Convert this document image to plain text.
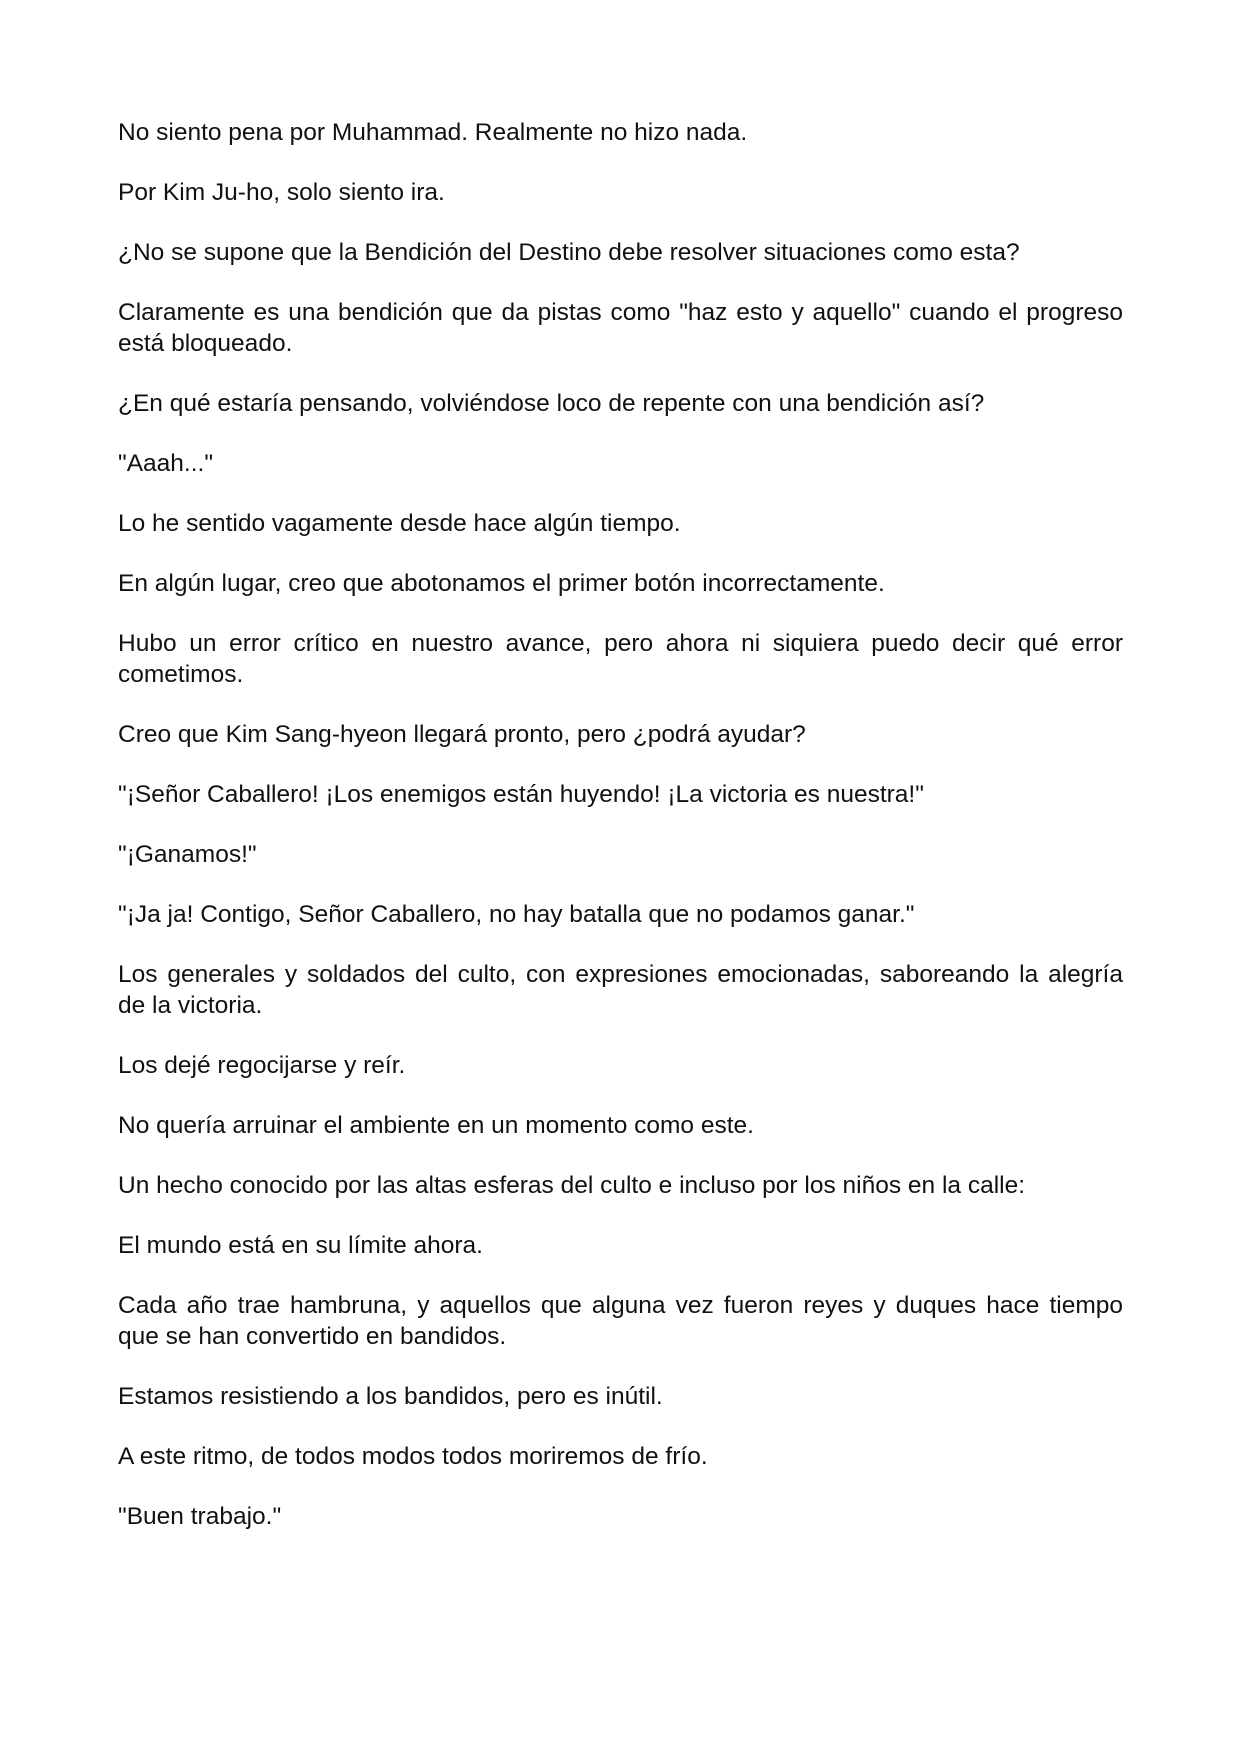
No siento pena por Muhammad. Realmente no hizo nada.

Por Kim Ju-ho, solo siento ira.

¿No se supone que la Bendición del Destino debe resolver situaciones como esta?

Claramente es una bendición que da pistas como "haz esto y aquello" cuando el progreso está bloqueado.

¿En qué estaría pensando, volviéndose loco de repente con una bendición así?

"Aaah..."

Lo he sentido vagamente desde hace algún tiempo.

En algún lugar, creo que abotonamos el primer botón incorrectamente.

Hubo un error crítico en nuestro avance, pero ahora ni siquiera puedo decir qué error cometimos.

Creo que Kim Sang-hyeon llegará pronto, pero ¿podrá ayudar?

"¡Señor Caballero! ¡Los enemigos están huyendo! ¡La victoria es nuestra!"

"¡Ganamos!"

"¡Ja ja! Contigo, Señor Caballero, no hay batalla que no podamos ganar."

Los generales y soldados del culto, con expresiones emocionadas, saboreando la alegría de la victoria.

Los dejé regocijarse y reír.

No quería arruinar el ambiente en un momento como este.

Un hecho conocido por las altas esferas del culto e incluso por los niños en la calle:

El mundo está en su límite ahora.

Cada año trae hambruna, y aquellos que alguna vez fueron reyes y duques hace tiempo que se han convertido en bandidos.

Estamos resistiendo a los bandidos, pero es inútil.

A este ritmo, de todos modos todos moriremos de frío.

"Buen trabajo."
